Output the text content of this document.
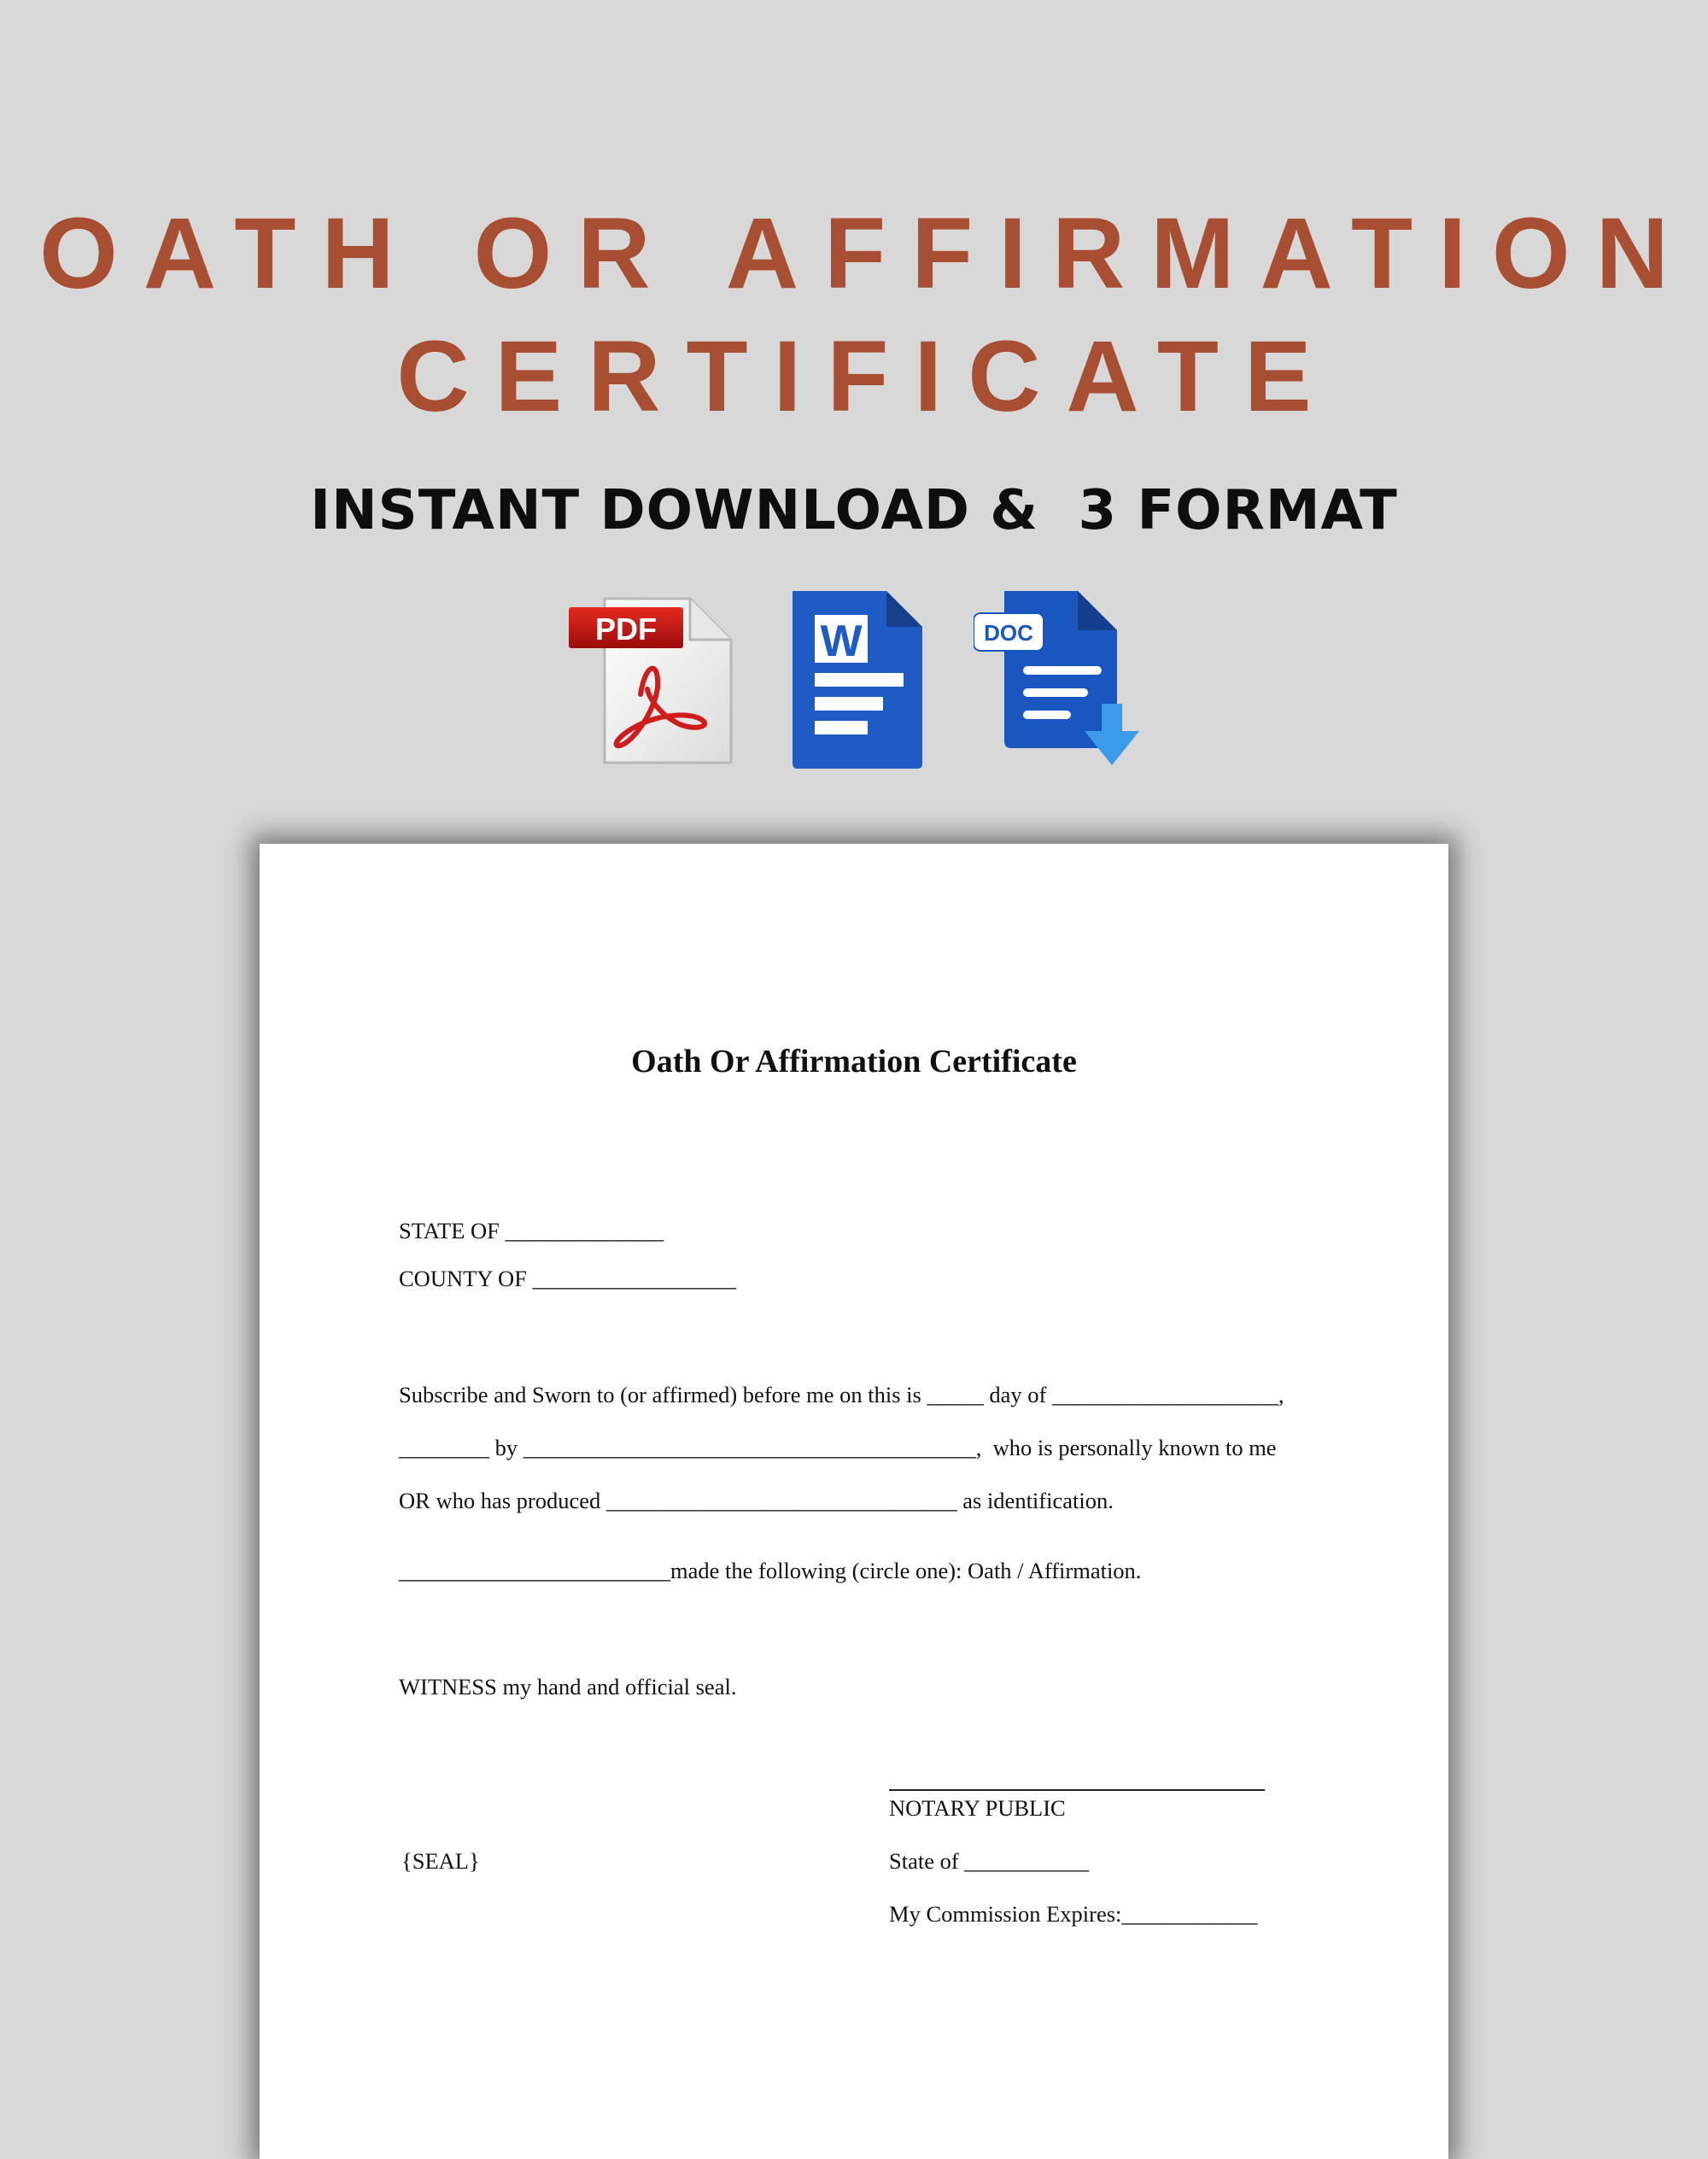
OATH OR AFFIRMATION
CERTIFICATE
INSTANT DOWNLOAD &  3 FORMAT
PDF	W	DOC
Oath Or Affirmation Certificate
STATE OF ______________
COUNTY OF __________________
Subscribe and Sworn to (or affirmed) before me on this is _____ day of ____________________,
________ by ________________________________________,  who is personally known to me
OR who has produced _______________________________ as identification.
________________________made the following (circle one): Oath / Affirmation.
WITNESS my hand and official seal.
NOTARY PUBLIC
{SEAL}	State of ___________
My Commission Expires:____________
